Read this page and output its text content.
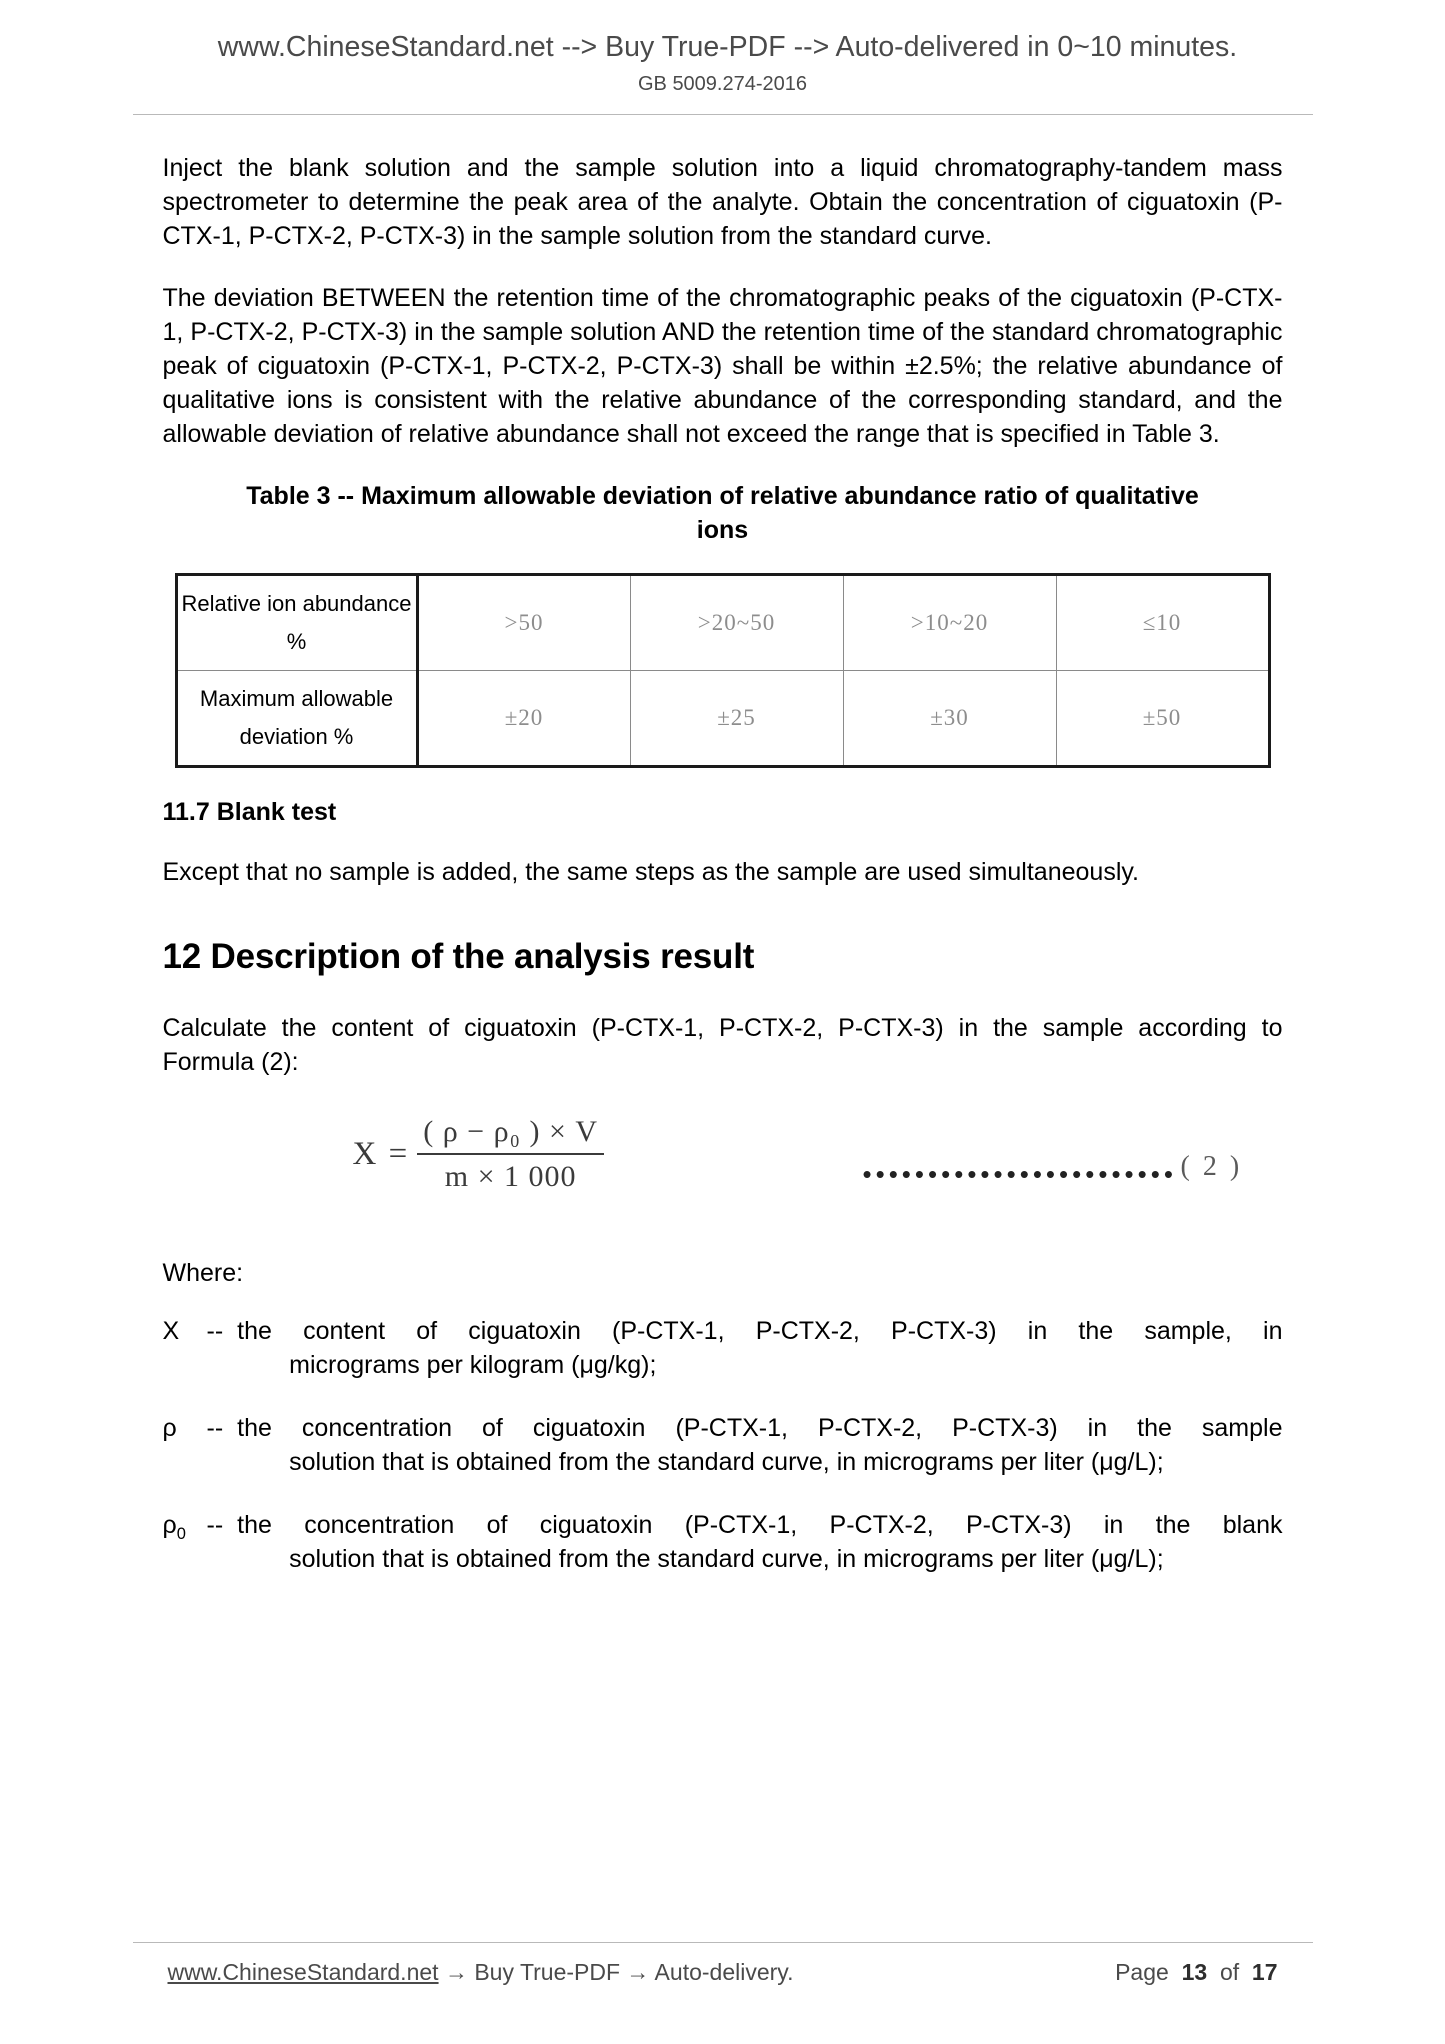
www.ChineseStandard.net --> Buy True-PDF --> Auto-delivered in 0~10 minutes.
GB 5009.274-2016

Inject the blank solution and the sample solution into a liquid chromatography-tandem mass spectrometer to determine the peak area of the analyte. Obtain the concentration of ciguatoxin (P-CTX-1, P-CTX-2, P-CTX-3) in the sample solution from the standard curve.

The deviation BETWEEN the retention time of the chromatographic peaks of the ciguatoxin (P-CTX-1, P-CTX-2, P-CTX-3) in the sample solution AND the retention time of the standard chromatographic peak of ciguatoxin (P-CTX-1, P-CTX-2, P-CTX-3) shall be within ±2.5%; the relative abundance of qualitative ions is consistent with the relative abundance of the corresponding standard, and the allowable deviation of relative abundance shall not exceed the range that is specified in Table 3.

Table 3 -- Maximum allowable deviation of relative abundance ratio of qualitative ions
Relative ion abundance
%	>50	>20~50	>10~20	≤10
Maximum allowable
deviation %	±20	±25	±30	±50
11.7 Blank test

Except that no sample is added, the same steps as the sample are used simultaneously.

12 Description of the analysis result

Calculate the content of ciguatoxin (P-CTX-1, P-CTX-2, P-CTX-3) in the sample according to Formula (2):

$X = \frac{\text{( ρ − ρ₀ ) × V}}{m \times 1 000}$	•••••••••••••••••••••••• ( 2 )

Where:

X	-- the content of ciguatoxin (P-CTX-1, P-CTX-2, P-CTX-3) in the sample, in
micrograms per kilogram (μg/kg);
ρ	-- the concentration of ciguatoxin (P-CTX-1, P-CTX-2, P-CTX-3) in the sample
solution that is obtained from the standard curve, in micrograms per liter (μg/L);
$\rho_0$ -- the concentration of ciguatoxin (P-CTX-1, P-CTX-2, P-CTX-3) in the blank
solution that is obtained from the standard curve, in micrograms per liter (μg/L);
www.ChineseStandard.net → Buy True-PDF → Auto-delivery.	Page 13 of 17
